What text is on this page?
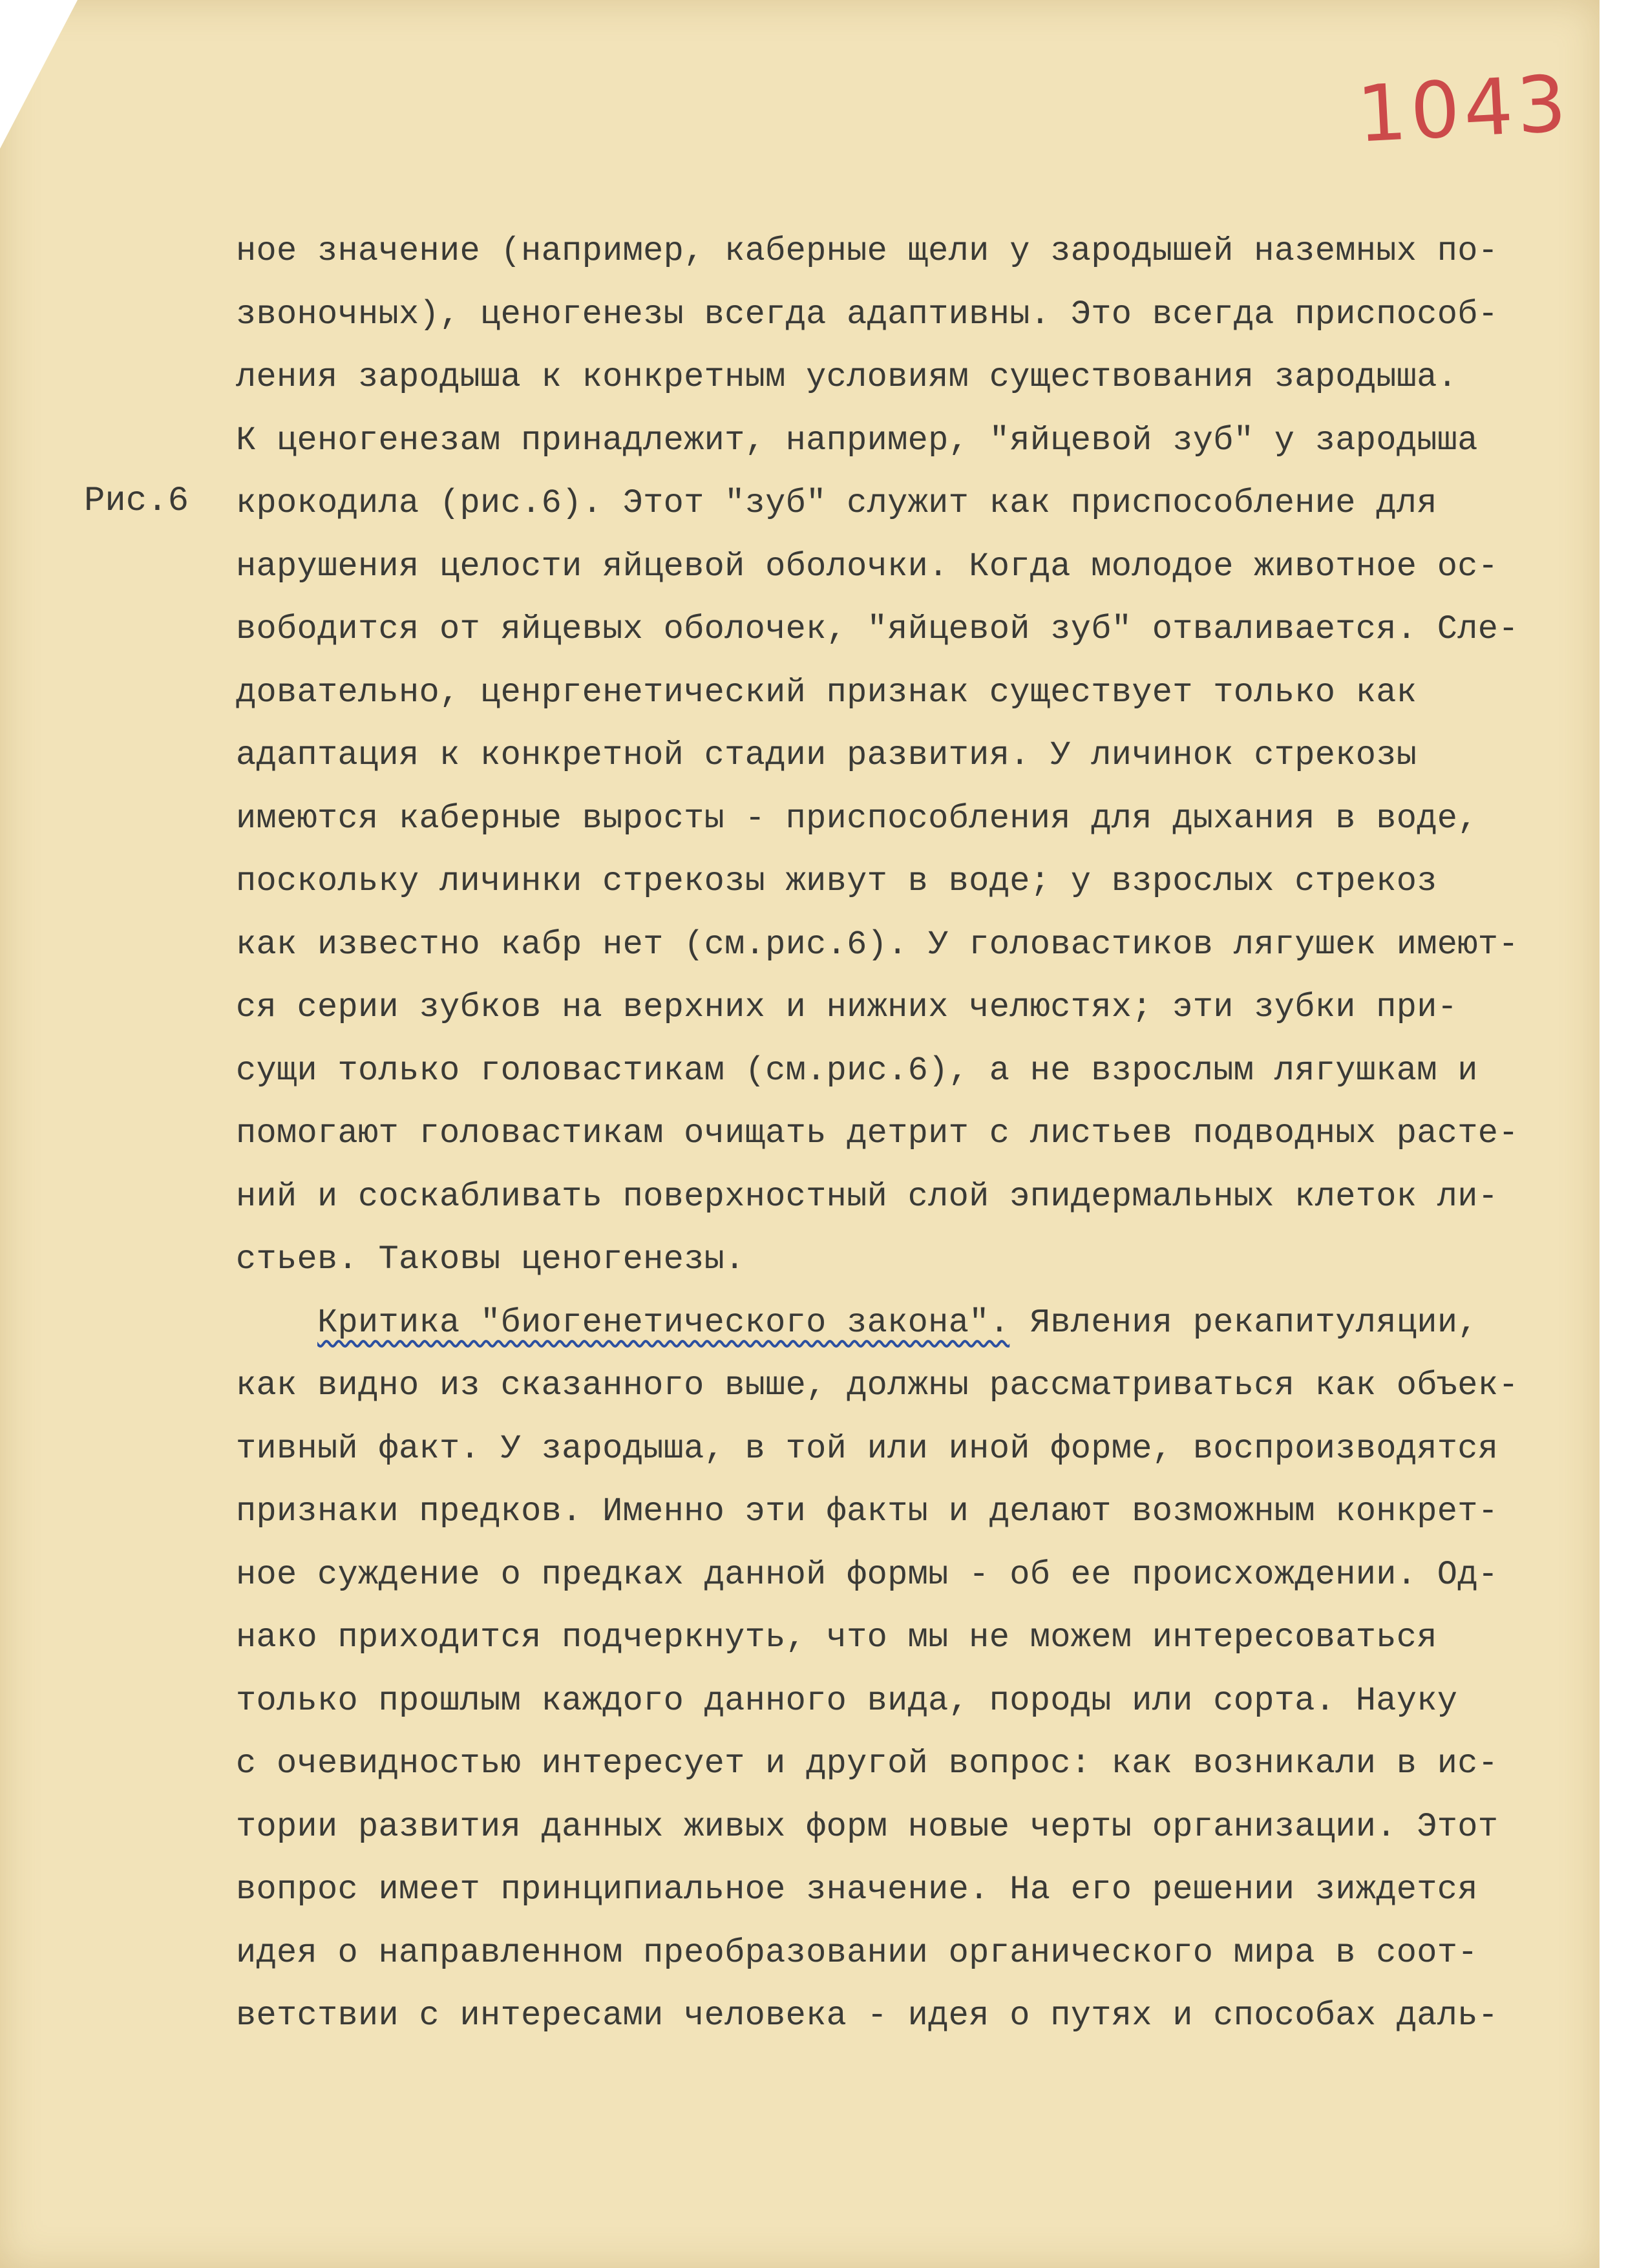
1043
Рис.6
ное значение (например, каберные щели у зародышей наземных по-
звоночных), ценогенезы всегда адаптивны. Это всегда приспособ-
ления зародыша к конкретным условиям существования зародыша.
К ценогенезам принадлежит, например, "яйцевой зуб" у зародыша
крокодила (рис.6). Этот "зуб" служит как приспособление для
нарушения целости яйцевой оболочки. Когда молодое животное ос-
вободится от яйцевых оболочек, "яйцевой зуб" отваливается. Сле-
довательно, ценргенетический признак существует только как
адаптация к конкретной стадии развития. У личинок стрекозы
имеются каберные выросты - приспособления для дыхания в воде,
поскольку личинки стрекозы живут в воде; у взрослых стрекоз
как известно кабр нет (см.рис.6). У головастиков лягушек имеют-
ся серии зубков на верхних и нижних челюстях; эти зубки при-
сущи только головастикам (см.рис.6), а не взрослым лягушкам и
помогают головастикам очищать детрит с листьев подводных расте-
ний и соскабливать поверхностный слой эпидермальных клеток ли-
стьев. Таковы ценогенезы.
Критика "биогенетического закона". Явления рекапитуляции,
как видно из сказанного выше, должны рассматриваться как объек-
тивный факт. У зародыша, в той или иной форме, воспроизводятся
признаки предков. Именно эти факты и делают возможным конкрет-
ное суждение о предках данной формы - об ее происхождении. Од-
нако приходится подчеркнуть, что мы не можем интересоваться
только прошлым каждого данного вида, породы или сорта. Науку
с очевидностью интересует и другой вопрос: как возникали в ис-
тории развития данных живых форм новые черты организации. Этот
вопрос имеет принципиальное значение. На его решении зиждется
идея о направленном преобразовании органического мира в соот-
ветствии с интересами человека - идея о путях и способах даль-
